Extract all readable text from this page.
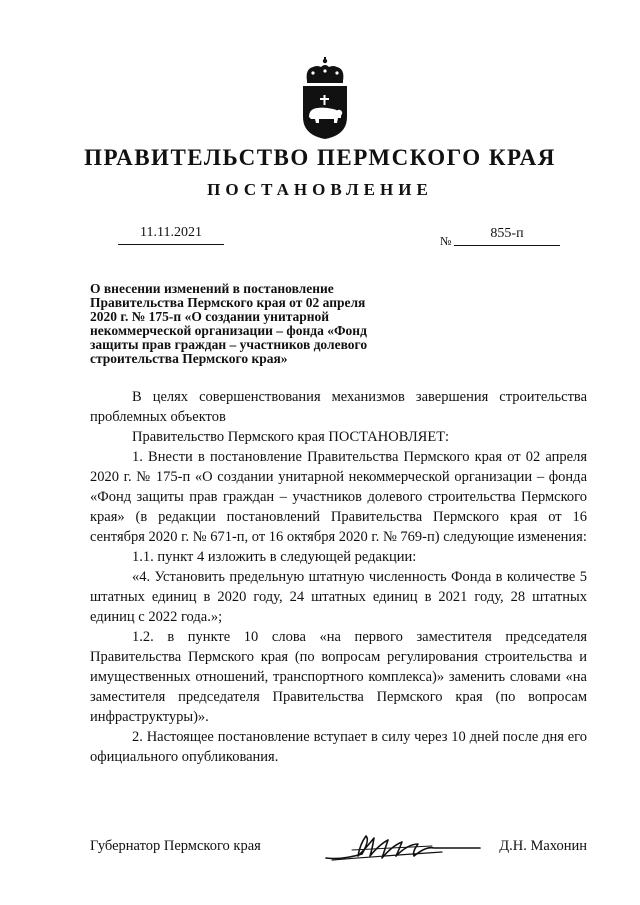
ПРАВИТЕЛЬСТВО ПЕРМСКОГО КРАЯ
ПОСТАНОВЛЕНИЕ
11.11.2021
№	855-п
О внесении изменений в постановление
Правительства Пермского края от 02 апреля
2020 г. № 175-п «О создании унитарной
некоммерческой организации – фонда «Фонд
защиты прав граждан – участников долевого
строительства Пермского края»

В целях совершенствования механизмов завершения строительства проблемных объектов

Правительство Пермского края ПОСТАНОВЛЯЕТ:

1. Внести в постановление Правительства Пермского края от 02 апреля 2020 г. № 175-п «О создании унитарной некоммерческой организации – фонда «Фонд защиты прав граждан – участников долевого строительства Пермского края» (в редакции постановлений Правительства Пермского края от 16 сентября 2020 г. № 671-п, от 16 октября 2020 г. № 769-п) следующие изменения:

1.1. пункт 4 изложить в следующей редакции:

«4. Установить предельную штатную численность Фонда в количестве 5 штатных единиц в 2020 году, 24 штатных единиц в 2021 году, 28 штатных единиц с 2022 года.»;

1.2. в пункте 10 слова «на первого заместителя председателя Правительства Пермского края (по вопросам регулирования строительства и имущественных отношений, транспортного комплекса)» заменить словами «на заместителя председателя Правительства Пермского края (по вопросам инфраструктуры)».

2. Настоящее постановление вступает в силу через 10 дней после дня его официального опубликования.

Губернатор Пермского края	Д.Н. Махонин
